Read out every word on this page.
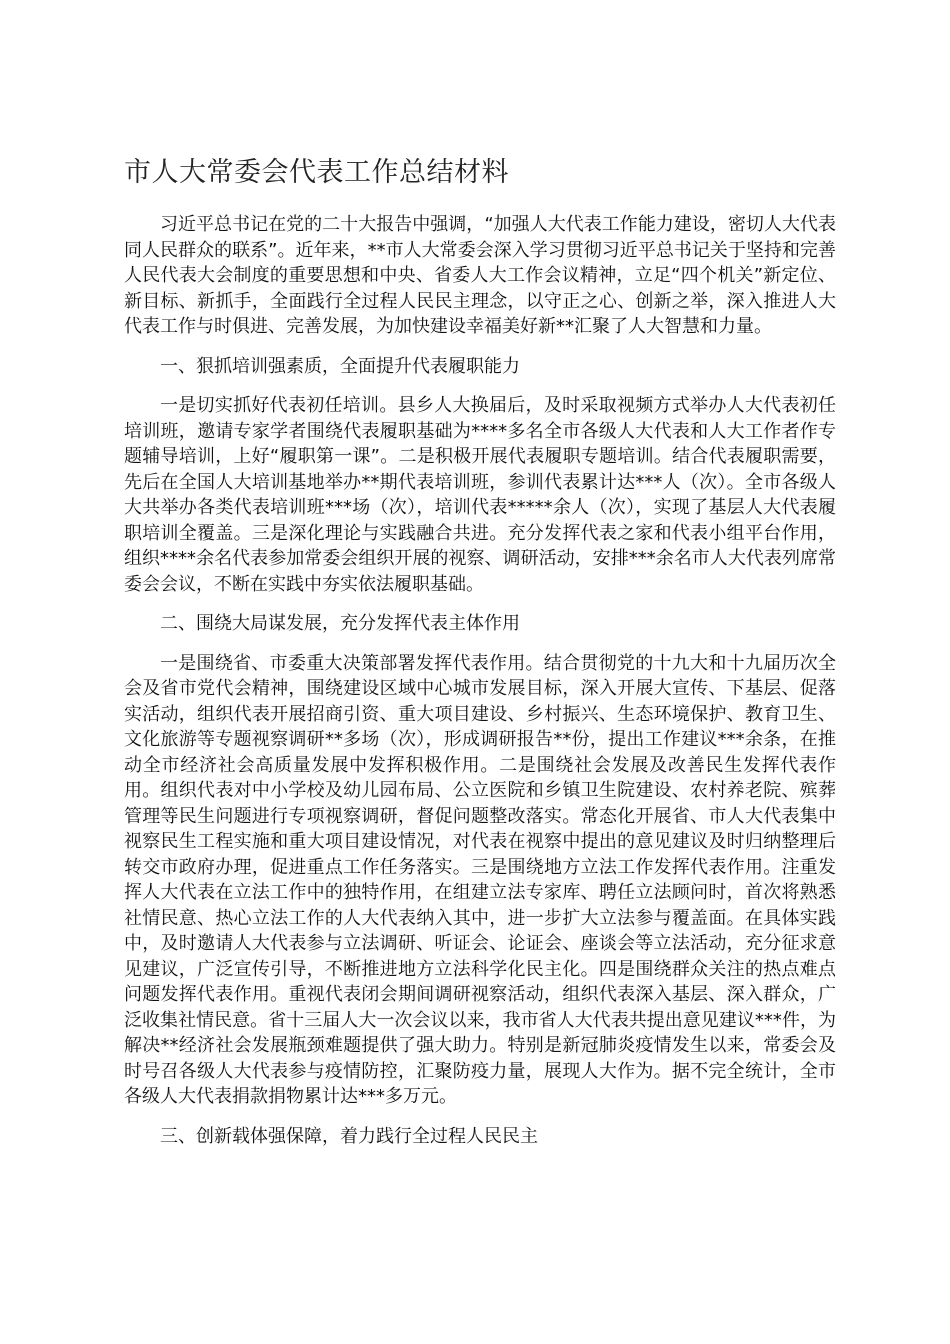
市人大常委会代表工作总结材料

习近平总书记在党的二十大报告中强调，“加强人大代表工作能力建设，密切人大代表同人民群众的联系”。近年来，**市人大常委会深入学习贯彻习近平总书记关于坚持和完善人民代表大会制度的重要思想和中央、省委人大工作会议精神，立足“四个机关”新定位、新目标、新抓手，全面践行全过程人民民主理念，以守正之心、创新之举，深入推进人大代表工作与时俱进、完善发展，为加快建设幸福美好新**汇聚了人大智慧和力量。

一、狠抓培训强素质，全面提升代表履职能力

一是切实抓好代表初任培训。县乡人大换届后，及时采取视频方式举办人大代表初任培训班，邀请专家学者围绕代表履职基础为****多名全市各级人大代表和人大工作者作专题辅导培训，上好“履职第一课”。二是积极开展代表履职专题培训。结合代表履职需要，先后在全国人大培训基地举办**期代表培训班，参训代表累计达***人（次）。全市各级人大共举办各类代表培训班***场（次），培训代表*****余人（次），实现了基层人大代表履职培训全覆盖。三是深化理论与实践融合共进。充分发挥代表之家和代表小组平台作用，组织****余名代表参加常委会组织开展的视察、调研活动，安排***余名市人大代表列席常委会会议，不断在实践中夯实依法履职基础。

二、围绕大局谋发展，充分发挥代表主体作用

一是围绕省、市委重大决策部署发挥代表作用。结合贯彻党的十九大和十九届历次全会及省市党代会精神，围绕建设区域中心城市发展目标，深入开展大宣传、下基层、促落实活动，组织代表开展招商引资、重大项目建设、乡村振兴、生态环境保护、教育卫生、文化旅游等专题视察调研**多场（次），形成调研报告**份，提出工作建议***余条，在推动全市经济社会高质量发展中发挥积极作用。二是围绕社会发展及改善民生发挥代表作用。组织代表对中小学校及幼儿园布局、公立医院和乡镇卫生院建设、农村养老院、殡葬管理等民生问题进行专项视察调研，督促问题整改落实。常态化开展省、市人大代表集中视察民生工程实施和重大项目建设情况，对代表在视察中提出的意见建议及时归纳整理后转交市政府办理，促进重点工作任务落实。三是围绕地方立法工作发挥代表作用。注重发挥人大代表在立法工作中的独特作用，在组建立法专家库、聘任立法顾问时，首次将熟悉社情民意、热心立法工作的人大代表纳入其中，进一步扩大立法参与覆盖面。在具体实践中，及时邀请人大代表参与立法调研、听证会、论证会、座谈会等立法活动，充分征求意见建议，广泛宣传引导，不断推进地方立法科学化民主化。四是围绕群众关注的热点难点问题发挥代表作用。重视代表闭会期间调研视察活动，组织代表深入基层、深入群众，广泛收集社情民意。省十三届人大一次会议以来，我市省人大代表共提出意见建议***件，为解决**经济社会发展瓶颈难题提供了强大助力。特别是新冠肺炎疫情发生以来，常委会及时号召各级人大代表参与疫情防控，汇聚防疫力量，展现人大作为。据不完全统计，全市各级人大代表捐款捐物累计达***多万元。

三、创新载体强保障，着力践行全过程人民民主
